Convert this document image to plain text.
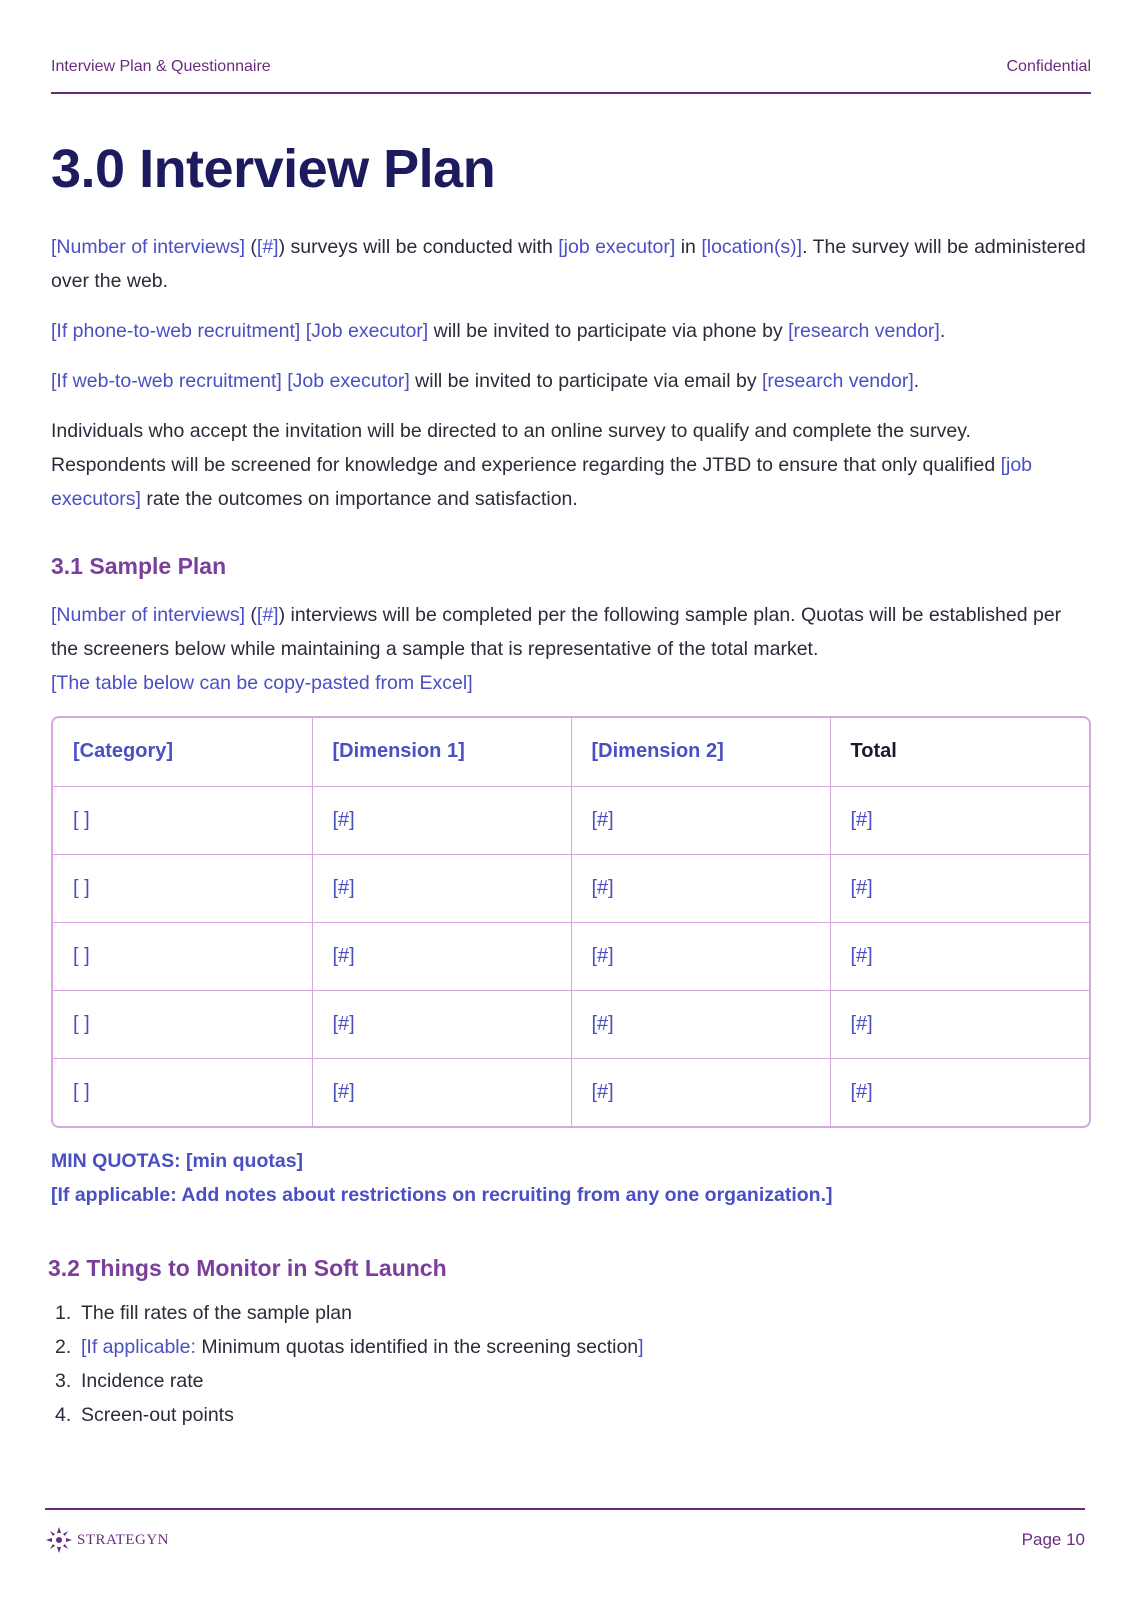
Interview Plan & Questionnaire	Confidential
3.0 Interview Plan

[Number of interviews] ([#]) surveys will be conducted with [job executor] in [location(s)]. The survey will be administered over the web.

[If phone-to-web recruitment] [Job executor] will be invited to participate via phone by [research vendor].

[If web-to-web recruitment] [Job executor] will be invited to participate via email by [research vendor].

Individuals who accept the invitation will be directed to an online survey to qualify and complete the survey. Respondents will be screened for knowledge and experience regarding the JTBD to ensure that only qualified [job executors] rate the outcomes on importance and satisfaction.

3.1 Sample Plan

[Number of interviews] ([#]) interviews will be completed per the following sample plan. Quotas will be established per the screeners below while maintaining a sample that is representative of the total market.

[The table below can be copy-pasted from Excel]

[Category]	[Dimension 1]	[Dimension 2]	Total
[ ]	[#]	[#]	[#]
[ ]	[#]	[#]	[#]
[ ]	[#]	[#]	[#]
[ ]	[#]	[#]	[#]
[ ]	[#]	[#]	[#]
MIN QUOTAS: [min quotas]
[If applicable: Add notes about restrictions on recruiting from any one organization.]
3.2 Things to Monitor in Soft Launch
1. The fill rates of the sample plan
2. [If applicable: Minimum quotas identified in the screening section]
3. Incidence rate
4. Screen-out points
STRATEGYN	Page 10
